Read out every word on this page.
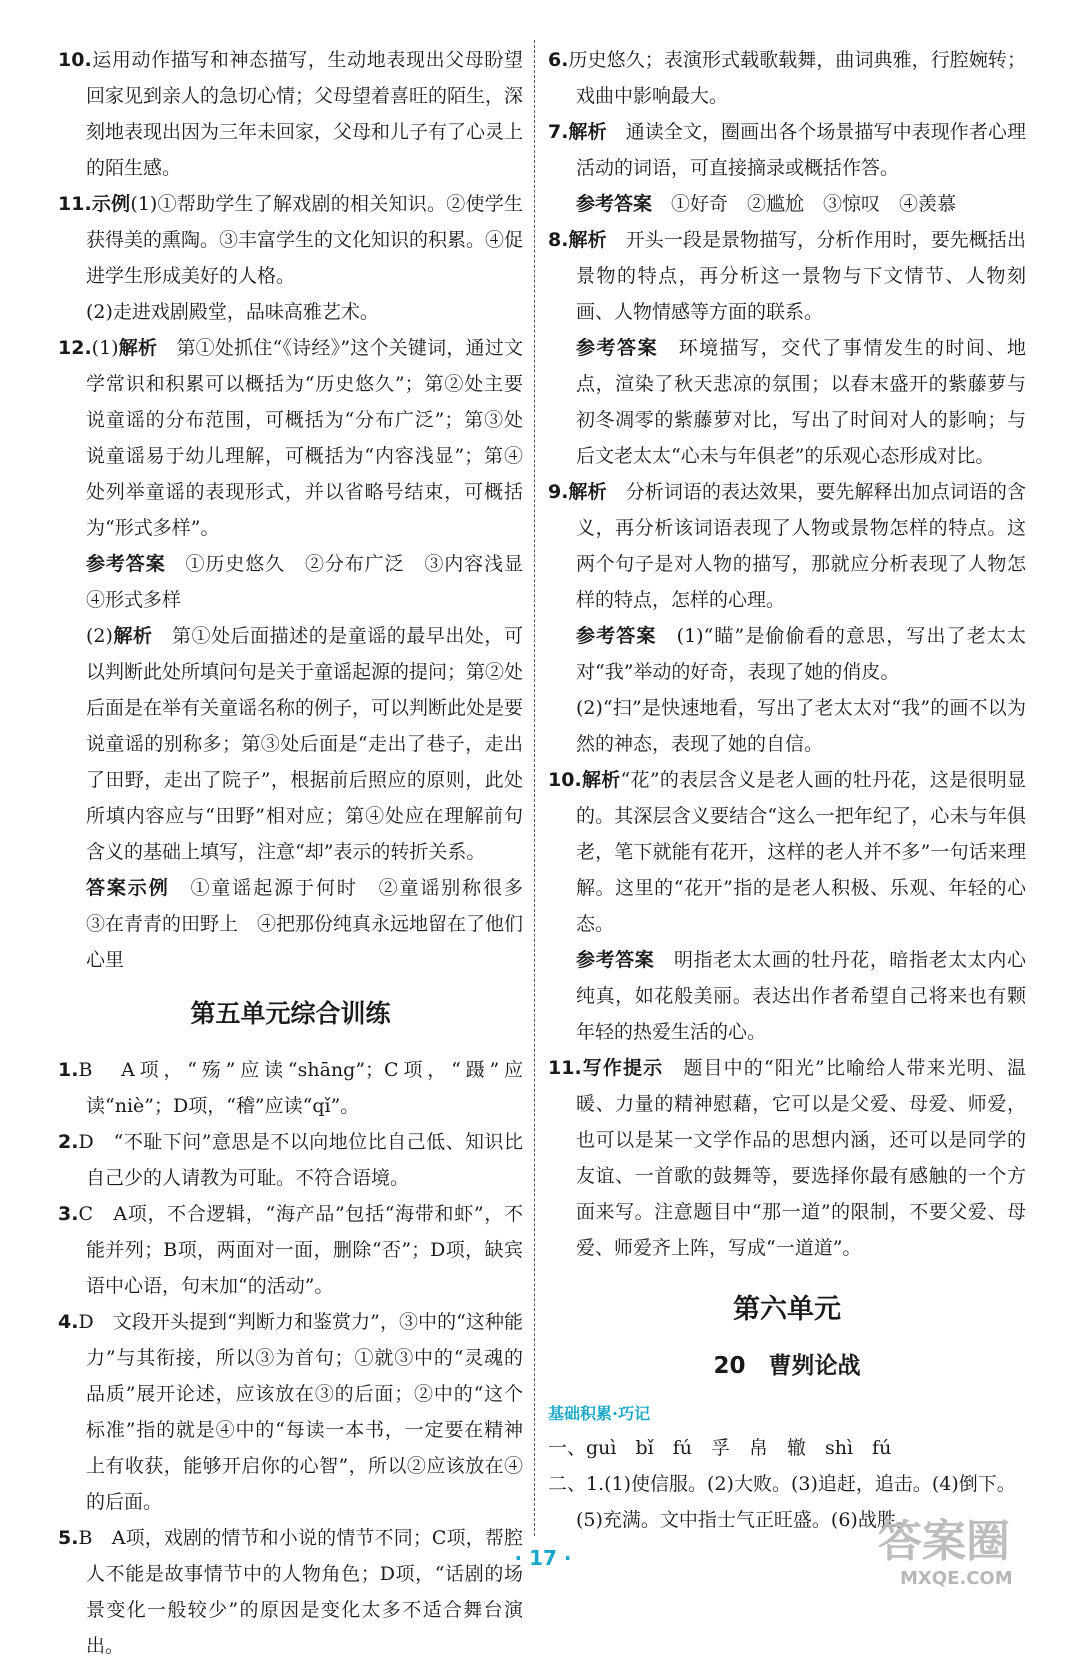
10.运用动作描写和神态描写，生动地表现出父母盼望回家见到亲人的急切心情；父母望着喜旺的陌生，深刻地表现出因为三年未回家，父母和儿子有了心灵上的陌生感。

11.示例(1)①帮助学生了解戏剧的相关知识。②使学生获得美的熏陶。③丰富学生的文化知识的积累。④促进学生形成美好的人格。

(2)走进戏剧殿堂，品味高雅艺术。

12.(1)解析　 第①处抓住“《诗经》”这个关键词，通过文学常识和积累可以概括为“历史悠久”；第②处主要说童谣的分布范围，可概括为“分布广泛”；第③处说童谣易于幼儿理解，可概括为“内容浅显”；第④处列举童谣的表现形式，并以省略号结束，可概括为“形式多样”。

参考答案　 ①历史悠久　②分布广泛　③内容浅显　④形式多样

(2)解析　 第①处后面描述的是童谣的最早出处，可以判断此处所填问句是关于童谣起源的提问；第②处后面是在举有关童谣名称的例子，可以判断此处是要说童谣的别称多；第③处后面是“走出了巷子，走出了田野，走出了院子”，根据前后照应的原则，此处所填内容应与“田野”相对应；第④处应在理解前句含义的基础上填写，注意“却”表示的转折关系。

答案示例　 ①童谣起源于何时　②童谣别称很多　③在青青的田野上　④把那份纯真永远地留在了他们心里

第五单元综合训练

1.B　A项，“殇”应读“shāng”；C项，“蹑”应读“niè”；D项，“稽”应读“qǐ”。

2.D　“不耻下问”意思是不以向地位比自己低、知识比自己少的人请教为可耻。不符合语境。

3.C　A项，不合逻辑，“海产品”包括“海带和虾”，不能并列；B项，两面对一面，删除“否”；D项，缺宾语中心语，句末加“的活动”。

4.D　文段开头提到“判断力和鉴赏力”，③中的“这种能力”与其衔接，所以③为首句；①就③中的“灵魂的品质”展开论述，应该放在③的后面；②中的“这个标准”指的就是④中的“每读一本书，一定要在精神上有收获，能够开启你的心智”，所以②应该放在④的后面。

5.B　A项，戏剧的情节和小说的情节不同；C项，帮腔人不能是故事情节中的人物角色；D项，“话剧的场景变化一般较少”的原因是变化太多不适合舞台演出。

6.历史悠久；表演形式载歌载舞，曲词典雅，行腔婉转；戏曲中影响最大。

7.解析　 通读全文，圈画出各个场景描写中表现作者心理活动的词语，可直接摘录或概括作答。

参考答案　 ①好奇　②尴尬　③惊叹　④羡慕

8.解析　 开头一段是景物描写，分析作用时，要先概括出景物的特点，再分析这一景物与下文情节、人物刻画、人物情感等方面的联系。

参考答案　 环境描写，交代了事情发生的时间、地点，渲染了秋天悲凉的氛围；以春末盛开的紫藤萝与初冬凋零的紫藤萝对比，写出了时间对人的影响；与后文老太太“心未与年俱老”的乐观心态形成对比。

9.解析　 分析词语的表达效果，要先解释出加点词语的含义，再分析该词语表现了人物或景物怎样的特点。这两个句子是对人物的描写，那就应分析表现了人物怎样的特点，怎样的心理。

参考答案　 (1)“瞄”是偷偷看的意思，写出了老太太对“我”举动的好奇，表现了她的俏皮。

(2)“扫”是快速地看，写出了老太太对“我”的画不以为然的神态，表现了她的自信。

10.解析“花”的表层含义是老人画的牡丹花，这是很明显的。其深层含义要结合“这么一把年纪了，心未与年俱老，笔下就能有花开，这样的老人并不多”一句话来理解。这里的“花开”指的是老人积极、乐观、年轻的心态。

参考答案　 明指老太太画的牡丹花，暗指老太太内心纯真，如花般美丽。表达出作者希望自己将来也有颗年轻的热爱生活的心。

11.写作提示　 题目中的“阳光”比喻给人带来光明、温暖、力量的精神慰藉，它可以是父爱、母爱、师爱，也可以是某一文学作品的思想内涵，还可以是同学的友谊、一首歌的鼓舞等，要选择你最有感触的一个方面来写。注意题目中“那一道”的限制，不要父爱、母爱、师爱齐上阵，写成“一道道”。

第六单元
20　曹刿论战
基础积累·巧记

一、guì　bǐ　fú　孚　帛　辙　shì　fú

二、1.(1)使信服。(2)大败。(3)追赶，追击。(4)倒下。

(5)充满。文中指士气正旺盛。(6)战胜。

· 17 ·	答案圈
MXQE.COM
